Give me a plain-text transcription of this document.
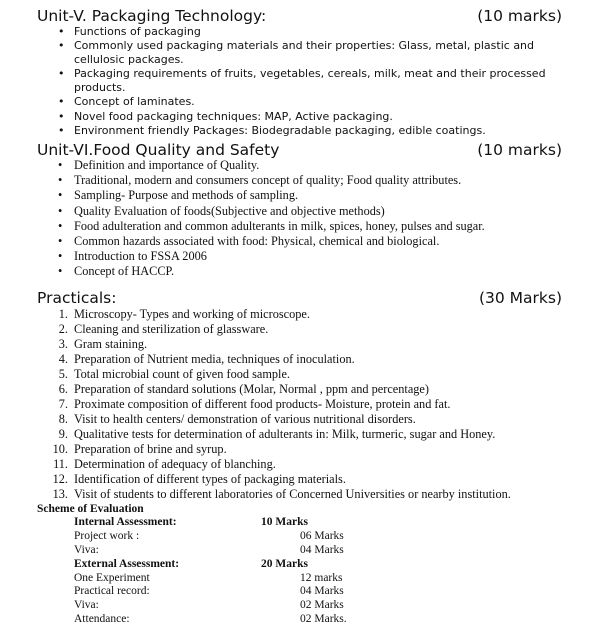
Unit-V. Packaging Technology:	(10 marks)
• Functions of packaging
• Commonly used packaging materials and their properties: Glass, metal, plastic and cellulosic packages.
• Packaging requirements of fruits, vegetables, cereals, milk, meat and their processed products.
• Concept of laminates.
• Novel food packaging techniques: MAP, Active packaging.
• Environment friendly Packages: Biodegradable packaging, edible coatings.
Unit-VI.Food Quality and Safety	(10 marks)
• Definition and importance of Quality.
• Traditional, modern and consumers concept of quality; Food quality attributes.
• Sampling- Purpose and methods of sampling.
• Quality Evaluation of foods(Subjective and objective methods)
• Food adulteration and common adulterants in milk, spices, honey, pulses and sugar.
• Common hazards associated with food: Physical, chemical and biological.
• Introduction to FSSA 2006
• Concept of HACCP.
Practicals:	(30 Marks)
1. Microscopy- Types and working of microscope.
2. Cleaning and sterilization of glassware.
3. Gram staining.
4. Preparation of Nutrient media, techniques of inoculation.
5. Total microbial count of given food sample.
6. Preparation of standard solutions (Molar, Normal , ppm and percentage)
7. Proximate composition of different food products- Moisture, protein and fat.
8. Visit to health centers/ demonstration of various nutritional disorders.
9. Qualitative tests for determination of adulterants in: Milk, turmeric, sugar and Honey.
10. Preparation of brine and syrup.
11. Determination of adequacy of blanching.
12. Identification of different types of packaging materials.
13. Visit of students to different laboratories of Concerned Universities or nearby institution.
Scheme of Evaluation
Internal Assessment:	10 Marks
Project work :	06 Marks
Viva:	04 Marks
External Assessment:	20 Marks
One Experiment	12 marks
Practical record:	04 Marks
Viva:	02 Marks
Attendance:	02 Marks.
